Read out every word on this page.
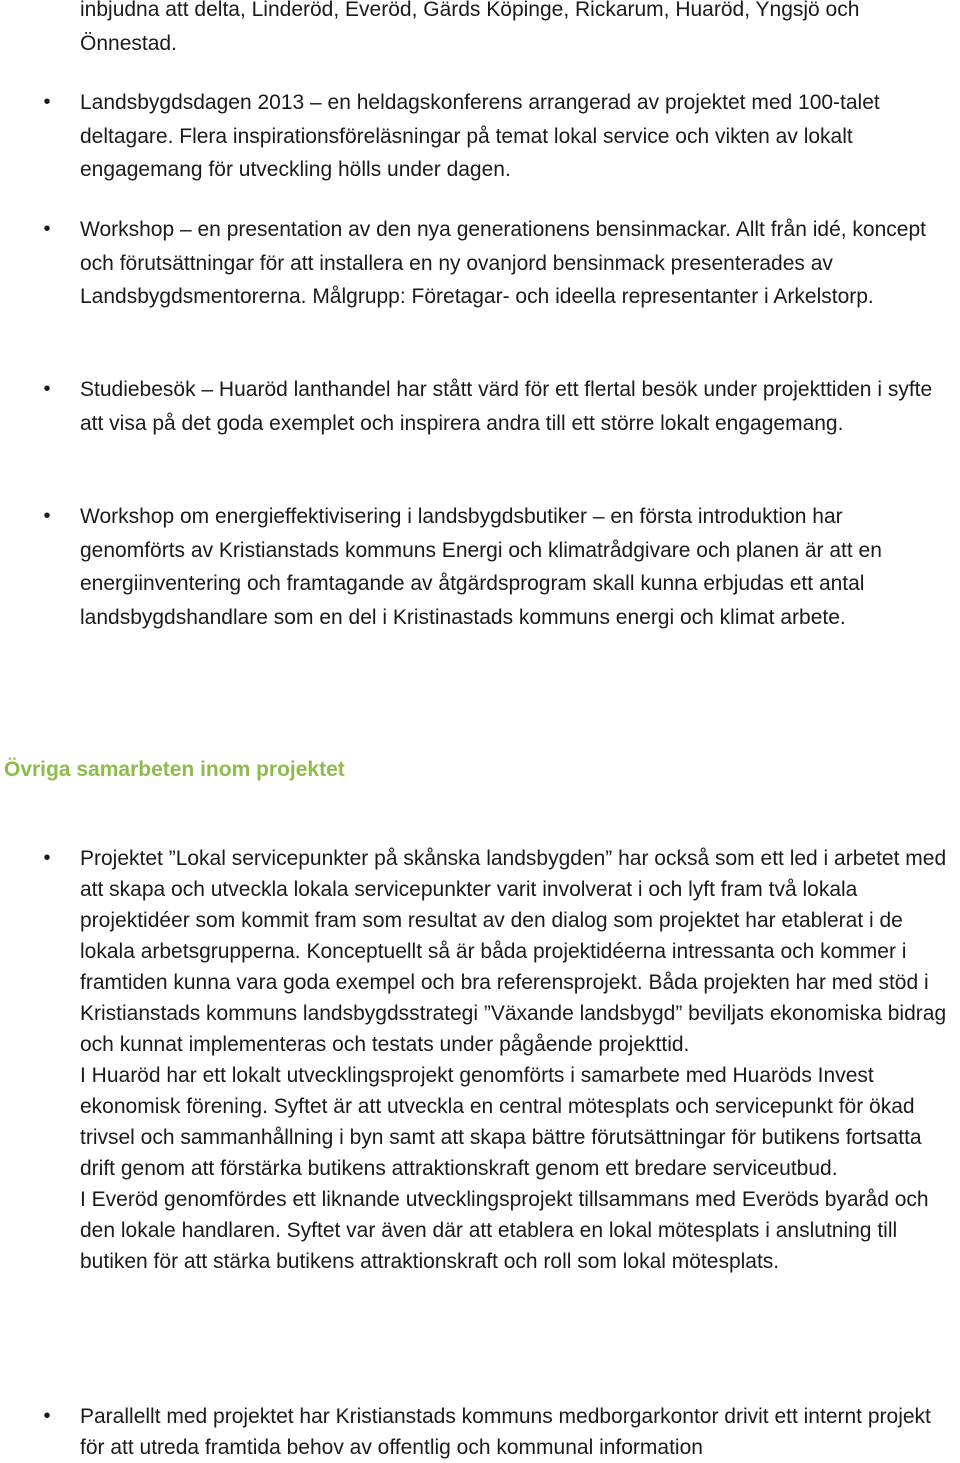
inbjudna att delta, Linderöd, Everöd, Gärds Köpinge, Rickarum, Huaröd, Yngsjö och Önnestad.

• Landsbygdsdagen 2013 – en heldagskonferens arrangerad av projektet med 100-talet deltagare. Flera inspirationsföreläsningar på temat lokal service och vikten av lokalt engagemang för utveckling hölls under dagen.

• Workshop – en presentation av den nya generationens bensinmackar. Allt från idé, koncept och förutsättningar för att installera en ny ovanjord bensinmack presenterades av Landsbygdsmentorerna. Målgrupp: Företagar- och ideella representanter i Arkelstorp.

• Studiebesök – Huaröd lanthandel har stått värd för ett flertal besök under projekttiden i syfte att visa på det goda exemplet och inspirera andra till ett större lokalt engagemang.

• Workshop om energieffektivisering i landsbygdsbutiker – en första introduktion har genomförts av Kristianstads kommuns Energi och klimatrådgivare och planen är att en energiinventering och framtagande av åtgärdsprogram skall kunna erbjudas ett antal landsbygdshandlare som en del i Kristinastads kommuns energi och klimat arbete.

Övriga samarbeten inom projektet
• Projektet ”Lokal servicepunkter på skånska landsbygden” har också som ett led i arbetet med att skapa och utveckla lokala servicepunkter varit involverat i och lyft fram två lokala projektidéer som kommit fram som resultat av den dialog som projektet har etablerat i de lokala arbetsgrupperna. Konceptuellt så är båda projektidéerna intressanta och kommer i framtiden kunna vara goda exempel och bra referensprojekt. Båda projekten har med stöd i Kristianstads kommuns landsbygdsstrategi ”Växande landsbygd” beviljats ekonomiska bidrag och kunnat implementeras och testats under pågående projekttid.

I Huaröd har ett lokalt utvecklingsprojekt genomförts i samarbete med Huaröds Invest ekonomisk förening. Syftet är att utveckla en central mötesplats och servicepunkt för ökad trivsel och sammanhållning i byn samt att skapa bättre förutsättningar för butikens fortsatta drift genom att förstärka butikens attraktionskraft genom ett bredare serviceutbud.

I Everöd genomfördes ett liknande utvecklingsprojekt tillsammans med Everöds byaråd och den lokale handlaren. Syftet var även där att etablera en lokal mötesplats i anslutning till butiken för att stärka butikens attraktionskraft och roll som lokal mötesplats.

• Parallellt med projektet har Kristianstads kommuns medborgarkontor drivit ett internt projekt för att utreda framtida behov av offentlig och kommunal information
